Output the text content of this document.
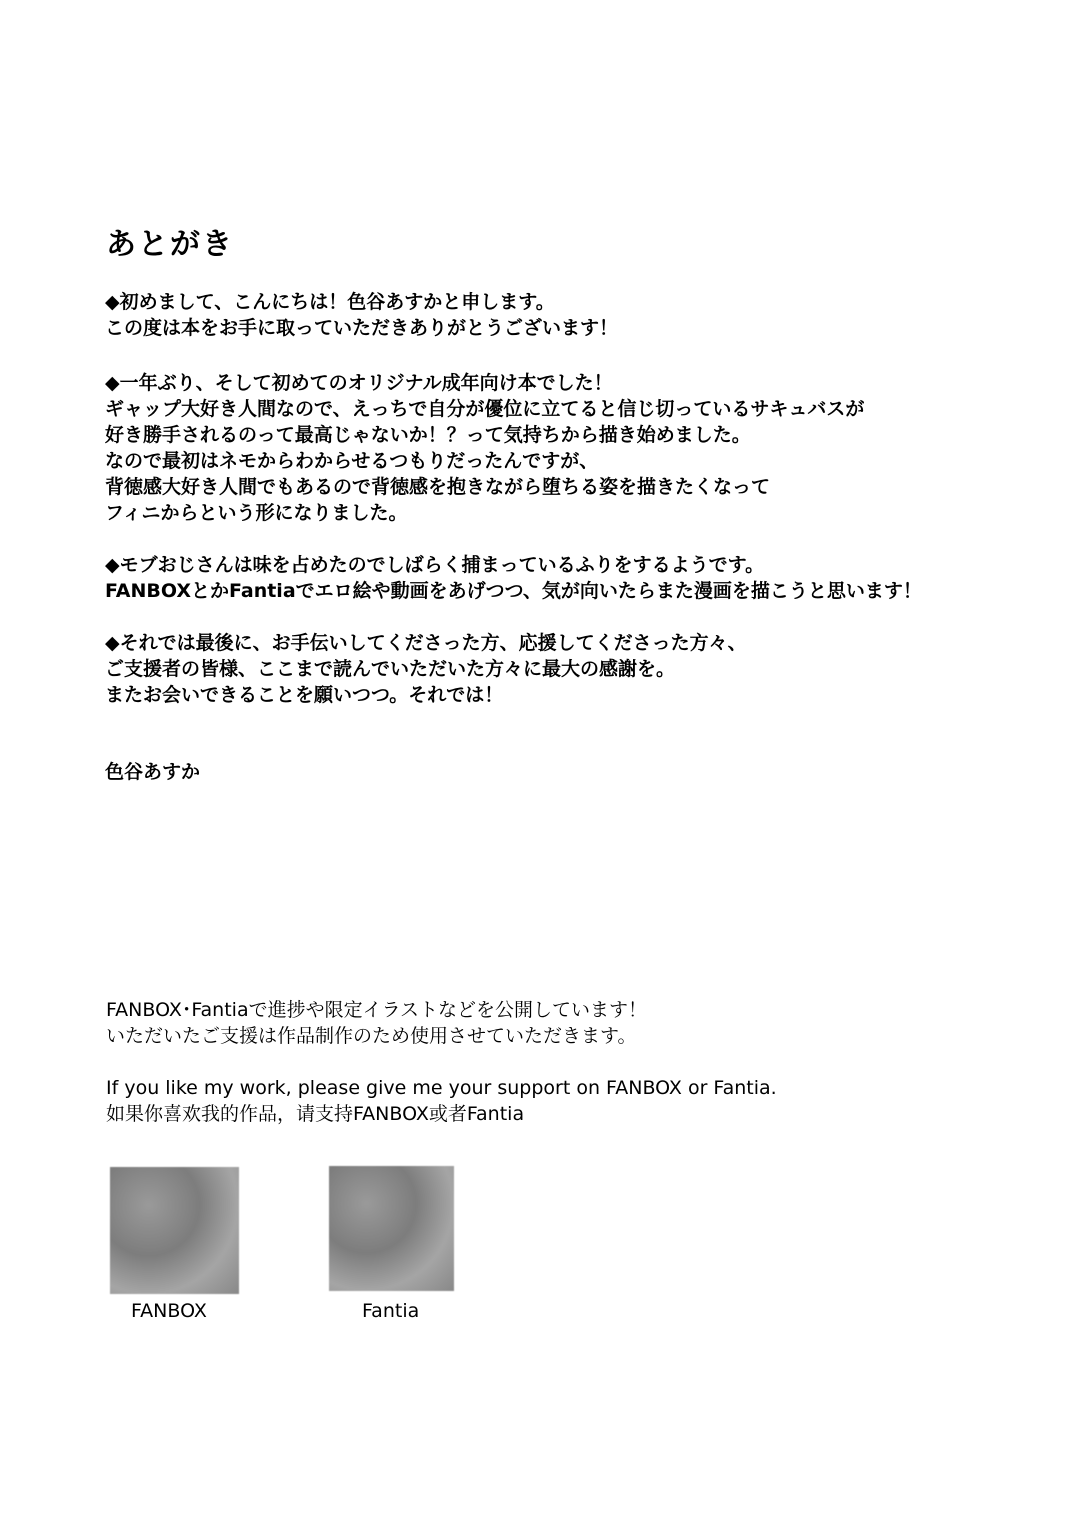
あとがき
◆初めまして、こんにちは！色谷あすかと申します。
この度は本をお手に取っていただきありがとうございます！
◆一年ぶり、そして初めてのオリジナル成年向け本でした！
ギャップ大好き人間なので、えっちで自分が優位に立てると信じ切っているサキュバスが
好き勝手されるのって最高じゃないか！？って気持ちから描き始めました。
なので最初はネモからわからせるつもりだったんですが、
背徳感大好き人間でもあるので背徳感を抱きながら堕ちる姿を描きたくなって
フィニからという形になりました。
◆モブおじさんは味を占めたのでしばらく捕まっているふりをするようです。
FANBOXとかFantiaでエロ絵や動画をあげつつ、気が向いたらまた漫画を描こうと思います！
◆それでは最後に、お手伝いしてくださった方、応援してくださった方々、
ご支援者の皆様、ここまで読んでいただいた方々に最大の感謝を。
またお会いできることを願いつつ。それでは！
色谷あすか
FANBOX･Fantiaで進捗や限定イラストなどを公開しています！
いただいたご支援は作品制作のため使用させていただきます。
If you like my work, please give me your support on FANBOX or Fantia.
如果你喜欢我的作品，请支持FANBOX或者Fantia
FANBOX	Fantia
